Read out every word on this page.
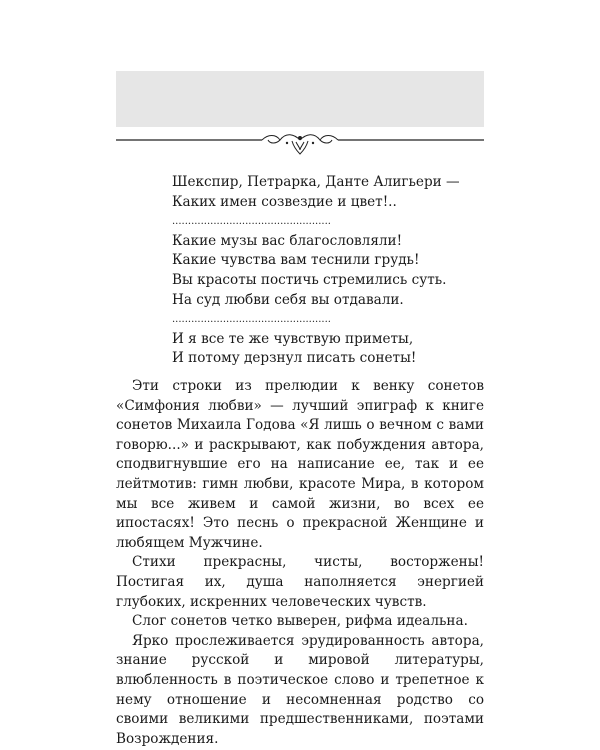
Шекспир, Петрарка, Данте Алигьери —
Каких имен созвездие и цвет!..
..................................................
Какие музы вас благословляли!
Какие чувства вам теснили грудь!
Вы красоты постичь стремились суть.
На суд любви себя вы отдавали.
..................................................
И я все те же чувствую приметы,
И потому дерзнул писать сонеты!

Эти строки из прелюдии к венку сонетов «Симфония любви» — лучший эпиграф к книге сонетов Михаила Годова «Я лишь о вечном с вами говорю...» и раскрывают, как побуждения автора, сподвигнувшие его на написание ее, так и ее лейтмотив: гимн любви, красоте Мира, в котором мы все живем и самой жизни, во всех ее ипостасях! Это песнь о прекрасной Женщине и любящем Мужчине.

Стихи прекрасны, чисты, восторжены! Постигая их, душа наполняется энергией глубоких, искренних человеческих чувств.

Слог сонетов четко выверен, рифма идеальна.

Ярко прослеживается эрудированность автора, знание русской и мировой литературы, влюбленность в поэтическое слово и трепетное к нему отношение и несомненная родство со своими великими предшественниками, поэтами Возрождения.
